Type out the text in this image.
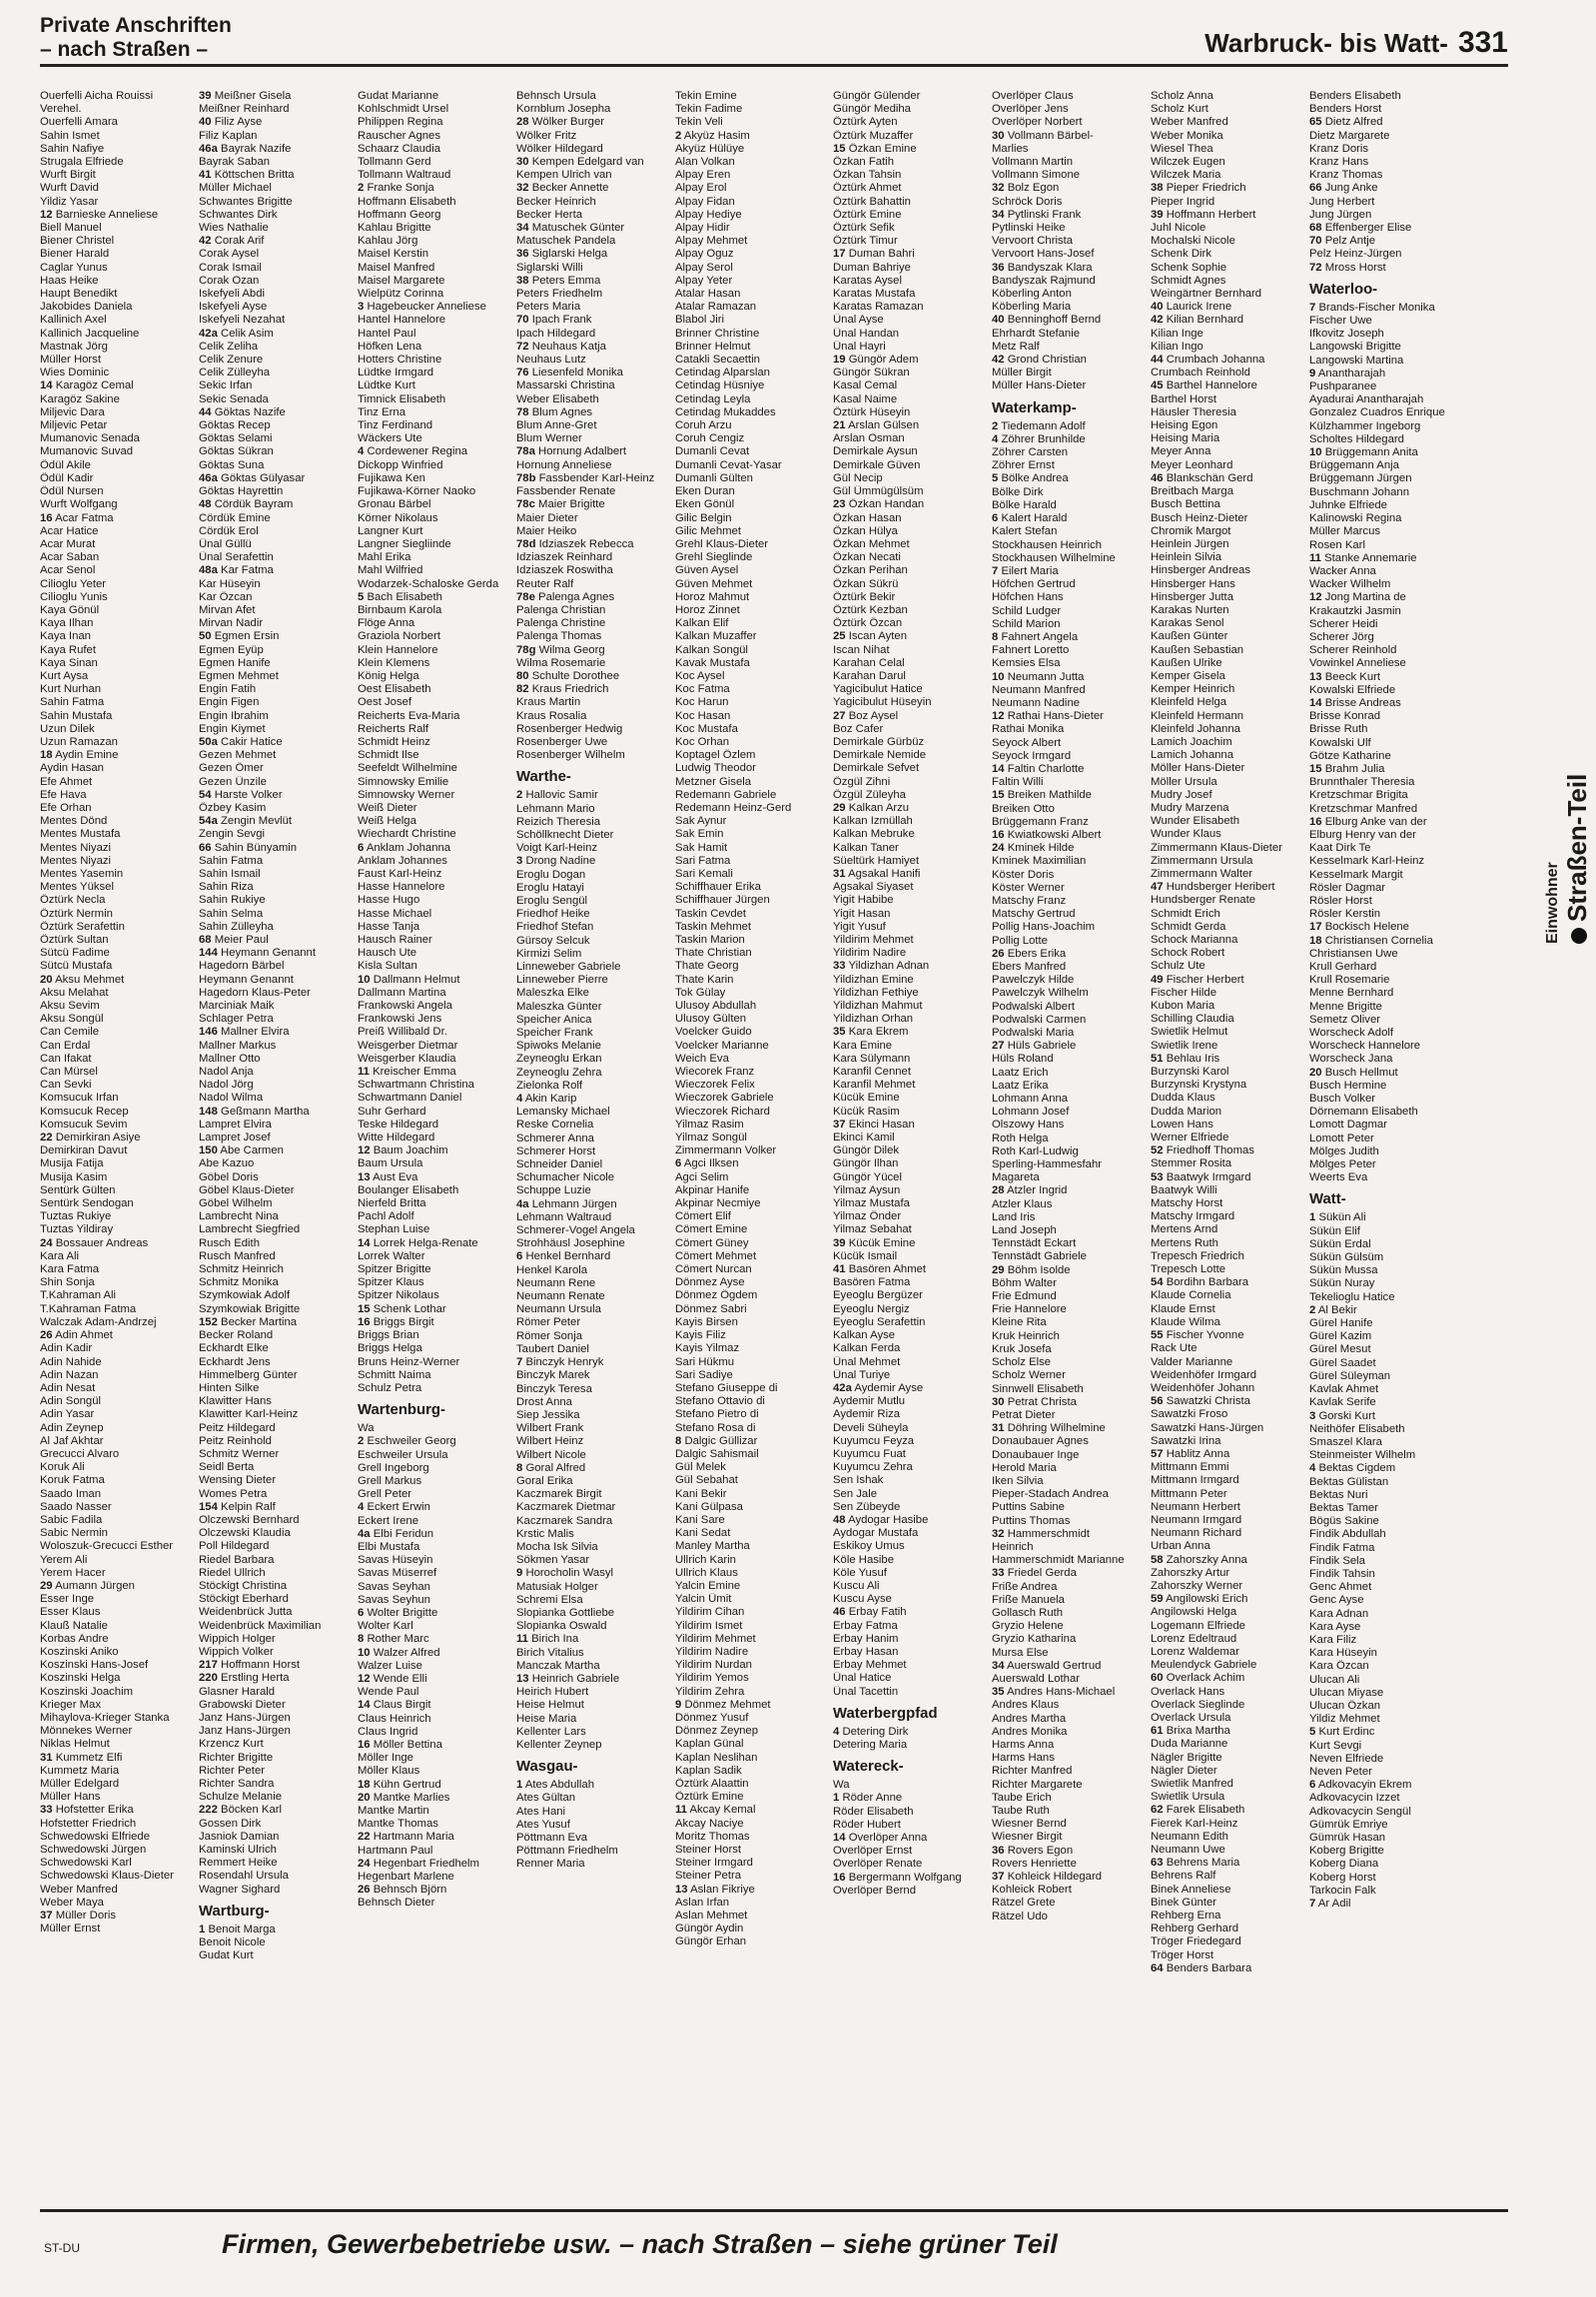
Private Anschriften
– nach Straßen –	Warbruck- bis Watt- 331
Ouerfelli Aicha Rouissi
Verehel.
Ouerfelli Amara
Sahin Ismet
Sahin Nafiye
Strugala Elfriede
Wurft Birgit
Wurft David
Yildiz Yasar
12 Barnieske Anneliese
Biell Manuel
Biener Christel
Biener Harald
Caglar Yunus
Haas Heike
Haupt Benedikt
Jakobides Daniela
Kallinich Axel
Kallinich Jacqueline
Mastnak Jörg
Müller Horst
Wies Dominic
14 Karagöz Cemal
Karagöz Sakine
Miljevic Dara
Miljevic Petar
Mumanovic Senada
Mumanovic Suvad
Ödül Akile
Ödül Kadir
Ödül Nursen
Wurft Wolfgang
16 Acar Fatma
Acar Hatice
Acar Murat
Acar Saban
Acar Senol
Cilioglu Yeter
Cilioglu Yunis
Kaya Gönül
Kaya Ilhan
Kaya Inan
Kaya Rufet
Kaya Sinan
Kurt Aysa
Kurt Nurhan
Sahin Fatma
Sahin Mustafa
Uzun Dilek
Uzun Ramazan
18 Aydin Emine
Aydin Hasan
Efe Ahmet
Efe Hava
Efe Orhan
Mentes Dönd
Mentes Mustafa
Mentes Niyazi
Mentes Niyazi
Mentes Yasemin
Mentes Yüksel
Öztürk Necla
Öztürk Nermin
Öztürk Serafettin
Öztürk Sultan
Sütcü Fadime
Sütcü Mustafa
20 Aksu Mehmet
Aksu Melahat
Aksu Sevim
Aksu Songül
Can Cemile
Can Erdal
Can Ifakat
Can Mürsel
Can Sevki
Komsucuk Irfan
Komsucuk Recep
Komsucuk Sevim
22 Demirkiran Asiye
Demirkiran Davut
Musija Fatija
Musija Kasim
Sentürk Gülten
Sentürk Sendogan
Tuztas Rukiye
Tuztas Yildiray
24 Bossauer Andreas
Kara Ali
Kara Fatma
Shin Sonja
T.Kahraman Ali
T.Kahraman Fatma
Walczak Adam-Andrzej
26 Adin Ahmet
Adin Kadir
Adin Nahide
Adin Nazan
Adin Nesat
Adin Songül
Adin Yasar
Adin Zeynep
Al Jaf Akhtar
Grecucci Alvaro
Koruk Ali
Koruk Fatma
Saado Iman
Saado Nasser
Sabic Fadila
Sabic Nermin
Woloszuk-Grecucci Esther
Yerem Ali
Yerem Hacer
29 Aumann Jürgen
Esser Inge
Esser Klaus
Klauß Natalie
Korbas Andre
Koszinski Aniko
Koszinski Hans-Josef
Koszinski Helga
Koszinski Joachim
Krieger Max
Mihaylova-Krieger Stanka
Mönnekes Werner
Niklas Helmut
31 Kummetz Elfi
Kummetz Maria
Müller Edelgard
Müller Hans
33 Hofstetter Erika
Hofstetter Friedrich
Schwedowski Elfriede
Schwedowski Jürgen
Schwedowski Karl
Schwedowski Klaus-Dieter
Weber Manfred
Weber Maya
37 Müller Doris
Müller Ernst
39 Meißner Gisela
Meißner Reinhard
40 Filiz Ayse
Filiz Kaplan
46a Bayrak Nazife
Bayrak Saban
41 Köttschen Britta
Müller Michael
Schwantes Brigitte
Schwantes Dirk
Wies Nathalie
42 Corak Arif
Corak Aysel
Corak Ismail
Corak Ozan
Iskefyeli Abdi
Iskefyeli Ayse
Iskefyeli Nezahat
42a Celik Asim
Celik Zeliha
Celik Zenure
Celik Zülleyha
Sekic Irfan
Sekic Senada
44 Göktas Nazife
Göktas Recep
Göktas Selami
Göktas Sükran
Göktas Suna
46a Göktas Gülyasar
Göktas Hayrettin
48 Cördük Bayram
Cördük Emine
Cördük Erol
Ünal Güllü
Ünal Serafettin
48a Kar Fatma
Kar Hüseyin
Kar Özcan
Mirvan Afet
Mirvan Nadir
50 Egmen Ersin
Egmen Eyüp
Egmen Hanife
Egmen Mehmet
Engin Fatih
Engin Figen
Engin Ibrahim
Engin Kiymet
50a Cakir Hatice
Gezen Mehmet
Gezen Ömer
Gezen Ünzile
54 Harste Volker
Özbey Kasim
54a Zengin Mevlüt
Zengin Sevgi
66 Sahin Bünyamin
Sahin Fatma
Sahin Ismail
Sahin Riza
Sahin Rukiye
Sahin Selma
Sahin Zülleyha
68 Meier Paul
144 Heymann Genannt
Hagedorn Bärbel
Heymann Genannt
Hagedorn Klaus-Peter
Marciniak Maik
Schlager Petra
146 Mallner Elvira
Mallner Markus
Mallner Otto
Nadol Anja
Nadol Jörg
Nadol Wilma
148 Geßmann Martha
Lampret Elvira
Lampret Josef
150 Abe Carmen
Abe Kazuo
Göbel Doris
Göbel Klaus-Dieter
Göbel Wilhelm
Lambrecht Nina
Lambrecht Siegfried
Rusch Edith
Rusch Manfred
Schmitz Heinrich
Schmitz Monika
Szymkowiak Adolf
Szymkowiak Brigitte
152 Becker Martina
Becker Roland
Eckhardt Elke
Eckhardt Jens
Himmelberg Günter
Hinten Silke
Klawitter Hans
Klawitter Karl-Heinz
Peitz Hildegard
Peitz Reinhold
Schmitz Werner
Seidl Berta
Wensing Dieter
Womes Petra
154 Kelpin Ralf
Olczewski Bernhard
Olczewski Klaudia
Poll Hildegard
Riedel Barbara
Riedel Ullrich
Stöckigt Christina
Stöckigt Eberhard
Weidenbrück Jutta
Weidenbrück Maximilian
Wippich Holger
Wippich Volker
217 Hoffmann Horst
220 Erstling Herta
Glasner Harald
Grabowski Dieter
Janz Hans-Jürgen
Janz Hans-Jürgen
Krzencz Kurt
Richter Brigitte
Richter Peter
Richter Sandra
Schulze Melanie
222 Böcken Karl
Gossen Dirk
Jasniok Damian
Kaminski Ulrich
Remmert Heike
Rosendahl Ursula
Wagner Sighard
Wartburg-
1 Benoit Marga
Benoit Nicole
Gudat Kurt
Gudat Marianne
Kohlschmidt Ursel
Philippen Regina
Rauscher Agnes
Schaarz Claudia
Tollmann Gerd
Tollmann Waltraud
2 Franke Sonja
Hoffmann Elisabeth
Hoffmann Georg
Kahlau Brigitte
Kahlau Jörg
Maisel Kerstin
Maisel Manfred
Maisel Margarete
Wielpütz Corinna
3 Hagebeucker Anneliese
Hantel Hannelore
Hantel Paul
Höfken Lena
Hotters Christine
Lüdtke Irmgard
Lüdtke Kurt
Timnick Elisabeth
Tinz Erna
Tinz Ferdinand
Wäckers Ute
4 Cordewener Regina
Dickopp Winfried
Fujikawa Ken
Fujikawa-Körner Naoko
Gronau Bärbel
Körner Nikolaus
Langner Kurt
Langner Siegliinde
Mahl Erika
Mahl Wilfried
Wodarzek-Schaloske Gerda
5 Bach Elisabeth
Birnbaum Karola
Flöge Anna
Graziola Norbert
Klein Hannelore
Klein Klemens
König Helga
Oest Elisabeth
Oest Josef
Reicherts Eva-Maria
Reicherts Ralf
Schmidt Heinz
Schmidt Ilse
Seefeldt Wilhelmine
Simnowsky Emilie
Simnowsky Werner
Weiß Dieter
Weiß Helga
Wiechardt Christine
6 Anklam Johanna
Anklam Johannes
Faust Karl-Heinz
Hasse Hannelore
Hasse Hugo
Hasse Michael
Hasse Tanja
Hausch Rainer
Hausch Ute
Kisla Sultan
10 Dallmann Helmut
Dallmann Martina
Frankowski Angela
Frankowski Jens
Preiß Willibald Dr.
Weisgerber Dietmar
Weisgerber Klaudia
11 Kreischer Emma
Schwartmann Christina
Schwartmann Daniel
Suhr Gerhard
Teske Hildegard
Witte Hildegard
12 Baum Joachim
Baum Ursula
13 Aust Eva
Boulanger Elisabeth
Nierfeld Britta
Pachl Adolf
Stephan Luise
14 Lorrek Helga-Renate
Lorrek Walter
Spitzer Brigitte
Spitzer Klaus
Spitzer Nikolaus
15 Schenk Lothar
16 Briggs Birgit
Briggs Brian
Briggs Helga
Bruns Heinz-Werner
Schmitt Naima
Schulz Petra
Wartenburg-
Wa
2 Eschweiler Georg
Eschweiler Ursula
Grell Ingeborg
Grell Markus
Grell Peter
4 Eckert Erwin
Eckert Irene
4a Elbi Feridun
Elbi Mustafa
Savas Hüseyin
Savas Müserref
Savas Seyhan
Savas Seyhun
6 Wolter Brigitte
Wolter Karl
8 Rother Marc
10 Walzer Alfred
Walzer Luise
12 Wende Elli
Wende Paul
14 Claus Birgit
Claus Heinrich
Claus Ingrid
16 Möller Bettina
Möller Inge
Möller Klaus
18 Kühn Gertrud
20 Mantke Marlies
Mantke Martin
Mantke Thomas
22 Hartmann Maria
Hartmann Paul
24 Hegenbart Friedhelm
Hegenbart Marlene
26 Behnsch Björn
Behnsch Dieter
Behnsch Ursula
Kornblum Josepha
28 Wölker Burger
Wölker Fritz
Wölker Hildegard
30 Kempen Edelgard van
Kempen Ulrich van
32 Becker Annette
Becker Heinrich
Becker Herta
34 Matuschek Günter
Matuschek Pandela
36 Siglarski Helga
Siglarski Willi
38 Peters Emma
Peters Friedhelm
Peters Maria
70 Ipach Frank
Ipach Hildegard
72 Neuhaus Katja
Neuhaus Lutz
76 Liesenfeld Monika
Massarski Christina
Weber Elisabeth
78 Blum Agnes
Blum Anne-Gret
Blum Werner
78a Hornung Adalbert
Hornung Anneliese
78b Fassbender Karl-Heinz
Fassbender Renate
78c Maier Brigitte
Maier Dieter
Maier Heiko
78d Idziaszek Rebecca
Idziaszek Reinhard
Idziaszek Roswitha
Reuter Ralf
78e Palenga Agnes
Palenga Christian
Palenga Christine
Palenga Thomas
78g Wilma Georg
Wilma Rosemarie
80 Schulte Dorothee
82 Kraus Friedrich
Kraus Martin
Kraus Rosalia
Rosenberger Hedwig
Rosenberger Uwe
Rosenberger Wilhelm
Warthe-
2 Hallovic Samir
Lehmann Mario
Reizich Theresia
Schöllknecht Dieter
Voigt Karl-Heinz
3 Drong Nadine
Eroglu Dogan
Eroglu Hatayi
Eroglu Sengül
Friedhof Heike
Friedhof Stefan
Gürsoy Selcuk
Kirmizi Selim
Linneweber Gabriele
Linneweber Pierre
Maleszka Elke
Maleszka Günter
Speicher Anica
Speicher Frank
Spiwoks Melanie
Zeyneoglu Erkan
Zeyneoglu Zehra
Zielonka Rolf
4 Akin Karip
Lemansky Michael
Reske Cornelia
Schmerer Anna
Schmerer Horst
Schneider Daniel
Schumacher Nicole
Schuppe Luzie
4a Lehmann Jürgen
Lehmann Waltraud
Schmerer-Vogel Angela
Strohhäusl Josephine
6 Henkel Bernhard
Henkel Karola
Neumann Rene
Neumann Renate
Neumann Ursula
Römer Peter
Römer Sonja
Taubert Daniel
7 Binczyk Henryk
Binczyk Marek
Binczyk Teresa
Drost Anna
Siep Jessika
Wilbert Frank
Wilbert Heinz
Wilbert Nicole
8 Goral Alfred
Goral Erika
Kaczmarek Birgit
Kaczmarek Dietmar
Kaczmarek Sandra
Krstic Malis
Mocha Isk Silvia
Sökmen Yasar
9 Horocholin Wasyl
Matusiak Holger
Schremi Elsa
Slopianka Gottliebe
Slopianka Oswald
11 Birich Ina
Birich Vitalius
Manczak Martha
13 Heinrich Gabriele
Heirich Hubert
Heise Helmut
Heise Maria
Kellenter Lars
Kellenter Zeynep
Wasgau-
1 Ates Abdullah
Ates Gültan
Ates Hani
Ates Yusuf
Pöttmann Eva
Pöttmann Friedhelm
Renner Maria
Tekin Emine
Tekin Fadime
Tekin Veli
2 Akyüz Hasim
Akyüz Hülüye
Alan Volkan
Alpay Eren
Alpay Erol
Alpay Fidan
Alpay Hediye
Alpay Hidir
Alpay Mehmet
Alpay Oguz
Alpay Serol
Alpay Yeter
Atalar Hasan
Atalar Ramazan
Blabol Jiri
Brinner Christine
Brinner Helmut
Catakli Secaettin
Cetindag Alparslan
Cetindag Hüsniye
Cetindag Leyla
Cetindag Mukaddes
Coruh Arzu
Coruh Cengiz
Dumanli Cevat
Dumanli Cevat-Yasar
Dumanli Gülten
Eken Duran
Eken Gönül
Gilic Belgin
Gilic Mehmet
Grehl Klaus-Dieter
Grehl Sieglinde
Güven Aysel
Güven Mehmet
Horoz Mahmut
Horoz Zinnet
Kalkan Elif
Kalkan Muzaffer
Kalkan Songül
Kavak Mustafa
Koc Aysel
Koc Fatma
Koc Harun
Koc Hasan
Koc Mustafa
Koc Orhan
Koptagel Özlem
Ludwig Theodor
Metzner Gisela
Redemann Gabriele
Redemann Heinz-Gerd
Sak Aynur
Sak Emin
Sak Hamit
Sari Fatma
Sari Kemali
Schiffhauer Erika
Schiffhauer Jürgen
Taskin Cevdet
Taskin Mehmet
Taskin Marion
Thate Christian
Thate Georg
Thate Karin
Tok Gülay
Ulusoy Abdullah
Ulusoy Gülten
Voelcker Guido
Voelcker Marianne
Weich Eva
Wiecorek Franz
Wieczorek Felix
Wieczorek Gabriele
Wieczorek Richard
Yilmaz Rasim
Yilmaz Songül
Zimmermann Volker
6 Agci Ilksen
Agci Selim
Akpinar Hanife
Akpinar Necmiye
Cömert Elif
Cömert Emine
Cömert Güney
Cömert Mehmet
Cömert Nurcan
Dönmez Ayse
Dönmez Ögdem
Dönmez Sabri
Kayis Birsen
Kayis Filiz
Kayis Yilmaz
Sari Hükmu
Sari Sadiye
Stefano Giuseppe di
Stefano Ottavio di
Stefano Pietro di
Stefano Rosa di
8 Dalgic Güllizar
Dalgic Sahismail
Gül Melek
Gül Sebahat
Kani Bekir
Kani Gülpasa
Kani Sare
Kani Sedat
Manley Martha
Ullrich Karin
Ullrich Klaus
Yalcin Emine
Yalcin Ümit
Yildirim Cihan
Yildirim Ismet
Yildirim Mehmet
Yildirim Nadire
Yildirim Nurdan
Yildirim Yemos
Yildirim Zehra
9 Dönmez Mehmet
Dönmez Yusuf
Dönmez Zeynep
Kaplan Günal
Kaplan Neslihan
Kaplan Sadik
Öztürk Alaattin
Öztürk Emine
11 Akcay Kemal
Akcay Naciye
Moritz Thomas
Steiner Horst
Steiner Irmgard
Steiner Petra
13 Aslan Fikriye
Aslan Irfan
Aslan Mehmet
Güngör Aydin
Güngör Erhan
Güngör Gülender
Güngör Mediha
Öztürk Ayten
Öztürk Muzaffer
15 Özkan Emine
Özkan Fatih
Özkan Tahsin
Öztürk Ahmet
Öztürk Bahattin
Öztürk Emine
Öztürk Sefik
Öztürk Timur
17 Duman Bahri
Duman Bahriye
Karatas Aysel
Karatas Mustafa
Karatas Ramazan
Ünal Ayse
Ünal Handan
Ünal Hayri
19 Güngör Adem
Güngör Sükran
Kasal Cemal
Kasal Naime
Öztürk Hüseyin
21 Arslan Gülsen
Arslan Osman
Demirkale Aysun
Demirkale Güven
Gül Necip
Gül Ümmügülsüm
23 Özkan Handan
Özkan Hasan
Özkan Hülya
Özkan Mehmet
Özkan Necati
Özkan Perihan
Özkan Sükrü
Öztürk Bekir
Öztürk Kezban
Öztürk Özcan
25 Iscan Ayten
Iscan Nihat
Karahan Celal
Karahan Darul
Yagicibulut Hatice
Yagicibulut Hüseyin
27 Boz Aysel
Boz Cafer
Demirkale Gürbüz
Demirkale Nemide
Demirkale Sefvet
Özgül Zihni
Özgül Züleyha
29 Kalkan Arzu
Kalkan Izmüllah
Kalkan Mebruke
Kalkan Taner
Süeltürk Hamiyet
31 Agsakal Hanifi
Agsakal Siyaset
Yigit Habibe
Yigit Hasan
Yigit Yusuf
Yildirim Mehmet
Yildirim Nadire
33 Yildizhan Adnan
Yildizhan Emine
Yildizhan Fethiye
Yildizhan Mahmut
Yildizhan Orhan
35 Kara Ekrem
Kara Emine
Kara Sülymann
Karanfil Cennet
Karanfil Mehmet
Kücük Emine
Kücük Rasim
37 Ekinci Hasan
Ekinci Kamil
Güngör Dilek
Güngör Ilhan
Güngör Yücel
Yilmaz Aysun
Yilmaz Mustafa
Yilmaz Önder
Yilmaz Sebahat
39 Kücük Emine
Kücük Ismail
41 Basören Ahmet
Basören Fatma
Eyeoglu Bergüzer
Eyeoglu Nergiz
Eyeoglu Serafettin
Kalkan Ayse
Kalkan Ferda
Ünal Mehmet
Ünal Turiye
42a Aydemir Ayse
Aydemir Mutlu
Aydemir Riza
Develi Süheyla
Kuyumcu Feyza
Kuyumcu Fuat
Kuyumcu Zehra
Sen Ishak
Sen Jale
Sen Zübeyde
48 Aydogar Hasibe
Aydogar Mustafa
Eskikoy Umus
Köle Hasibe
Köle Yusuf
Kuscu Ali
Kuscu Ayse
46 Erbay Fatih
Erbay Fatma
Erbay Hanim
Erbay Hasan
Erbay Mehmet
Ünal Hatice
Ünal Tacettin
Waterbergpfad
4 Detering Dirk
Detering Maria
Watereck-
Wa
1 Röder Anne
Röder Elisabeth
Röder Hubert
14 Overlöper Anna
Overlöper Ernst
Overlöper Renate
16 Bergermann Wolfgang
Overlöper Bernd
Overlöper Claus
Overlöper Jens
Overlöper Norbert
30 Vollmann Bärbel-
Marlies
Vollmann Martin
Vollmann Simone
32 Bolz Egon
Schröck Doris
34 Pytlinski Frank
Pytlinski Heike
Vervoort Christa
Vervoort Hans-Josef
36 Bandyszak Klara
Bandyszak Rajmund
Köberling Anton
Köberling Maria
40 Benninghoff Bernd
Ehrhardt Stefanie
Metz Ralf
42 Grond Christian
Müller Birgit
Müller Hans-Dieter
Waterkamp-
2 Tiedemann Adolf
4 Zöhrer Brunhilde
Zöhrer Carsten
Zöhrer Ernst
5 Bölke Andrea
Bölke Dirk
Bölke Harald
6 Kalert Harald
Kalert Stefan
Stockhausen Heinrich
Stockhausen Wilhelmine
7 Eilert Maria
Höfchen Gertrud
Höfchen Hans
Schild Ludger
Schild Marion
8 Fahnert Angela
Fahnert Loretto
Kemsies Elsa
10 Neumann Jutta
Neumann Manfred
Neumann Nadine
12 Rathai Hans-Dieter
Rathai Monika
Seyock Albert
Seyock Irmgard
14 Faltin Charlotte
Faltin Willi
15 Breiken Mathilde
Breiken Otto
Brüggemann Franz
16 Kwiatkowski Albert
24 Kminek Hilde
Kminek Maximilian
Köster Doris
Köster Werner
Matschy Franz
Matschy Gertrud
Pollig Hans-Joachim
Pollig Lotte
26 Ebers Erika
Ebers Manfred
Pawelczyk Hilde
Pawelczyk Wilhelm
Podwalski Albert
Podwalski Carmen
Podwalski Maria
27 Hüls Gabriele
Hüls Roland
Laatz Erich
Laatz Erika
Lohmann Anna
Lohmann Josef
Olszowy Hans
Roth Helga
Roth Karl-Ludwig
Sperling-Hammesfahr
Magareta
28 Atzler Ingrid
Atzler Klaus
Land Iris
Land Joseph
Tennstädt Eckart
Tennstädt Gabriele
29 Böhm Isolde
Böhm Walter
Frie Edmund
Frie Hannelore
Kleine Rita
Kruk Heinrich
Kruk Josefa
Scholz Else
Scholz Werner
Sinnwell Elisabeth
30 Petrat Christa
Petrat Dieter
31 Döhring Wilhelmine
Donaubauer Agnes
Donaubauer Inge
Herold Maria
Iken Silvia
Pieper-Stadach Andrea
Puttins Sabine
Puttins Thomas
32 Hammerschmidt
Heinrich
Hammerschmidt Marianne
33 Friedel Gerda
Friße Andrea
Friße Manuela
Gollasch Ruth
Gryzio Helene
Gryzio Katharina
Mursa Else
34 Auerswald Gertrud
Auerswald Lothar
35 Andres Hans-Michael
Andres Klaus
Andres Martha
Andres Monika
Harms Anna
Harms Hans
Richter Manfred
Richter Margarete
Taube Erich
Taube Ruth
Wiesner Bernd
Wiesner Birgit
36 Rovers Egon
Rovers Henriette
37 Kohleick Hildegard
Kohleick Robert
Rätzel Grete
Rätzel Udo
Scholz Anna
Scholz Kurt
Weber Manfred
Weber Monika
Wiesel Thea
Wilczek Eugen
Wilczek Maria
38 Pieper Friedrich
Pieper Ingrid
39 Hoffmann Herbert
Juhl Nicole
Mochalski Nicole
Schenk Dirk
Schenk Sophie
Schmidt Agnes
Weingärtner Bernhard
40 Laurick Irene
42 Kilian Bernhard
Kilian Inge
Kilian Ingo
44 Crumbach Johanna
Crumbach Reinhold
45 Barthel Hannelore
Barthel Horst
Häusler Theresia
Heising Egon
Heising Maria
Meyer Anna
Meyer Leonhard
46 Blankschän Gerd
Breitbach Marga
Busch Bettina
Busch Heinz-Dieter
Chromik Margot
Heinlein Jürgen
Heinlein Silvia
Hinsberger Andreas
Hinsberger Hans
Hinsberger Jutta
Karakas Nurten
Karakas Senol
Kaußen Günter
Kaußen Sebastian
Kaußen Ulrike
Kemper Gisela
Kemper Heinrich
Kleinfeld Helga
Kleinfeld Hermann
Kleinfeld Johanna
Lamich Joachim
Lamich Johanna
Möller Hans-Dieter
Möller Ursula
Mudry Josef
Mudry Marzena
Wunder Elisabeth
Wunder Klaus
Zimmermann Klaus-Dieter
Zimmermann Ursula
Zimmermann Walter
47 Hundsberger Heribert
Hundsberger Renate
Schmidt Erich
Schmidt Gerda
Schock Marianna
Schock Robert
Schulz Ute
49 Fischer Herbert
Fischer Hilde
Kubon Maria
Schilling Claudia
Swietlik Helmut
Swietlik Irene
51 Behlau Iris
Burzynski Karol
Burzynski Krystyna
Dudda Klaus
Dudda Marion
Lowen Hans
Werner Elfriede
52 Friedhoff Thomas
Stemmer Rosita
53 Baatwyk Irmgard
Baatwyk Willi
Matschy Horst
Matschy Irmgard
Mertens Arnd
Mertens Ruth
Trepesch Friedrich
Trepesch Lotte
54 Bordihn Barbara
Klaude Cornelia
Klaude Ernst
Klaude Wilma
55 Fischer Yvonne
Rack Ute
Valder Marianne
Weidenhöfer Irmgard
Weidenhöfer Johann
56 Sawatzki Christa
Sawatzki Froso
Sawatzki Hans-Jürgen
Sawatzki Irina
57 Hablitz Anna
Mittmann Emmi
Mittmann Irmgard
Mittmann Peter
Neumann Herbert
Neumann Irmgard
Neumann Richard
Urban Anna
58 Zahorszky Anna
Zahorszky Artur
Zahorszky Werner
59 Angilowski Erich
Angilowski Helga
Logemann Elfriede
Lorenz Edeltraud
Lorenz Waldemar
Meulendyck Gabriele
60 Overlack Achim
Overlack Hans
Overlack Sieglinde
Overlack Ursula
61 Brixa Martha
Duda Marianne
Nägler Brigitte
Nägler Dieter
Swietlik Manfred
Swietlik Ursula
62 Farek Elisabeth
Fierek Karl-Heinz
Neumann Edith
Neumann Uwe
63 Behrens Maria
Behrens Ralf
Binek Anneliese
Binek Günter
Rehberg Erna
Rehberg Gerhard
Tröger Friedegard
Tröger Horst
64 Benders Barbara
Benders Elisabeth
Benders Horst
65 Dietz Alfred
Dietz Margarete
Kranz Doris
Kranz Hans
Kranz Thomas
66 Jung Anke
Jung Herbert
Jung Jürgen
68 Effenberger Elise
70 Pelz Antje
Pelz Heinz-Jürgen
72 Mross Horst
Waterloo-
7 Brands-Fischer Monika
Fischer Uwe
Ifkovitz Joseph
Langowski Brigitte
Langowski Martina
9 Anantharajah
Pushparanee
Ayadurai Anantharajah
Gonzalez Cuadros Enrique
Külzhammer Ingeborg
Scholtes Hildegard
10 Brüggemann Anita
Brüggemann Anja
Brüggemann Jürgen
Buschmann Johann
Juhnke Elfriede
Kalinowski Regina
Müller Marcus
Rosen Karl
11 Stanke Annemarie
Wacker Anna
Wacker Wilhelm
12 Jong Martina de
Krakautzki Jasmin
Scherer Heidi
Scherer Jörg
Scherer Reinhold
Vowinkel Anneliese
13 Beeck Kurt
Kowalski Elfriede
14 Brisse Andreas
Brisse Konrad
Brisse Ruth
Kowalski Ulf
Götze Katharine
15 Brahm Julia
Brunnthaler Theresia
Kretzschmar Brigita
Kretzschmar Manfred
16 Elburg Anke van der
Elburg Henry van der
Kaat Dirk Te
Kesselmark Karl-Heinz
Kesselmark Margit
Rösler Dagmar
Rösler Horst
Rösler Kerstin
17 Bockisch Helene
18 Christiansen Cornelia
Christiansen Uwe
Krull Gerhard
Krull Rosemarie
Menne Bernhard
Menne Brigitte
Semetz Oliver
Worscheck Adolf
Worscheck Hannelore
Worscheck Jana
20 Busch Hellmut
Busch Hermine
Busch Volker
Dörnemann Elisabeth
Lomott Dagmar
Lomott Peter
Mölges Judith
Mölges Peter
Weerts Eva
Watt-
1 Sükün Ali
Sükün Elif
Sükün Erdal
Sükün Gülsüm
Sükün Mussa
Sükün Nuray
Tekelioglu Hatice
2 Al Bekir
Gürel Hanife
Gürel Kazim
Gürel Mesut
Gürel Saadet
Gürel Süleyman
Kavlak Ahmet
Kavlak Serife
3 Gorski Kurt
Neithöfer Elisabeth
Smaszel Klara
Steinmeister Wilhelm
4 Bektas Cigdem
Bektas Gülistan
Bektas Nuri
Bektas Tamer
Bögüs Sakine
Findik Abdullah
Findik Fatma
Findik Sela
Findik Tahsin
Genc Ahmet
Genc Ayse
Kara Adnan
Kara Ayse
Kara Filiz
Kara Hüseyin
Kara Özcan
Ulucan Ali
Ulucan Miyase
Ulucan Özkan
Yildiz Mehmet
5 Kurt Erdinc
Kurt Sevgi
Neven Elfriede
Neven Peter
6 Adkovacyin Ekrem
Adkovacycin Izzet
Adkovacycin Sengül
Gümrük Emriye
Gümrük Hasan
Koberg Brigitte
Koberg Diana
Koberg Horst
Tarkocin Falk
7 Ar Adil
Einwohner Straßen-Teil
ST-DU	Firmen, Gewerbebetriebe usw. – nach Straßen – siehe grüner Teil
